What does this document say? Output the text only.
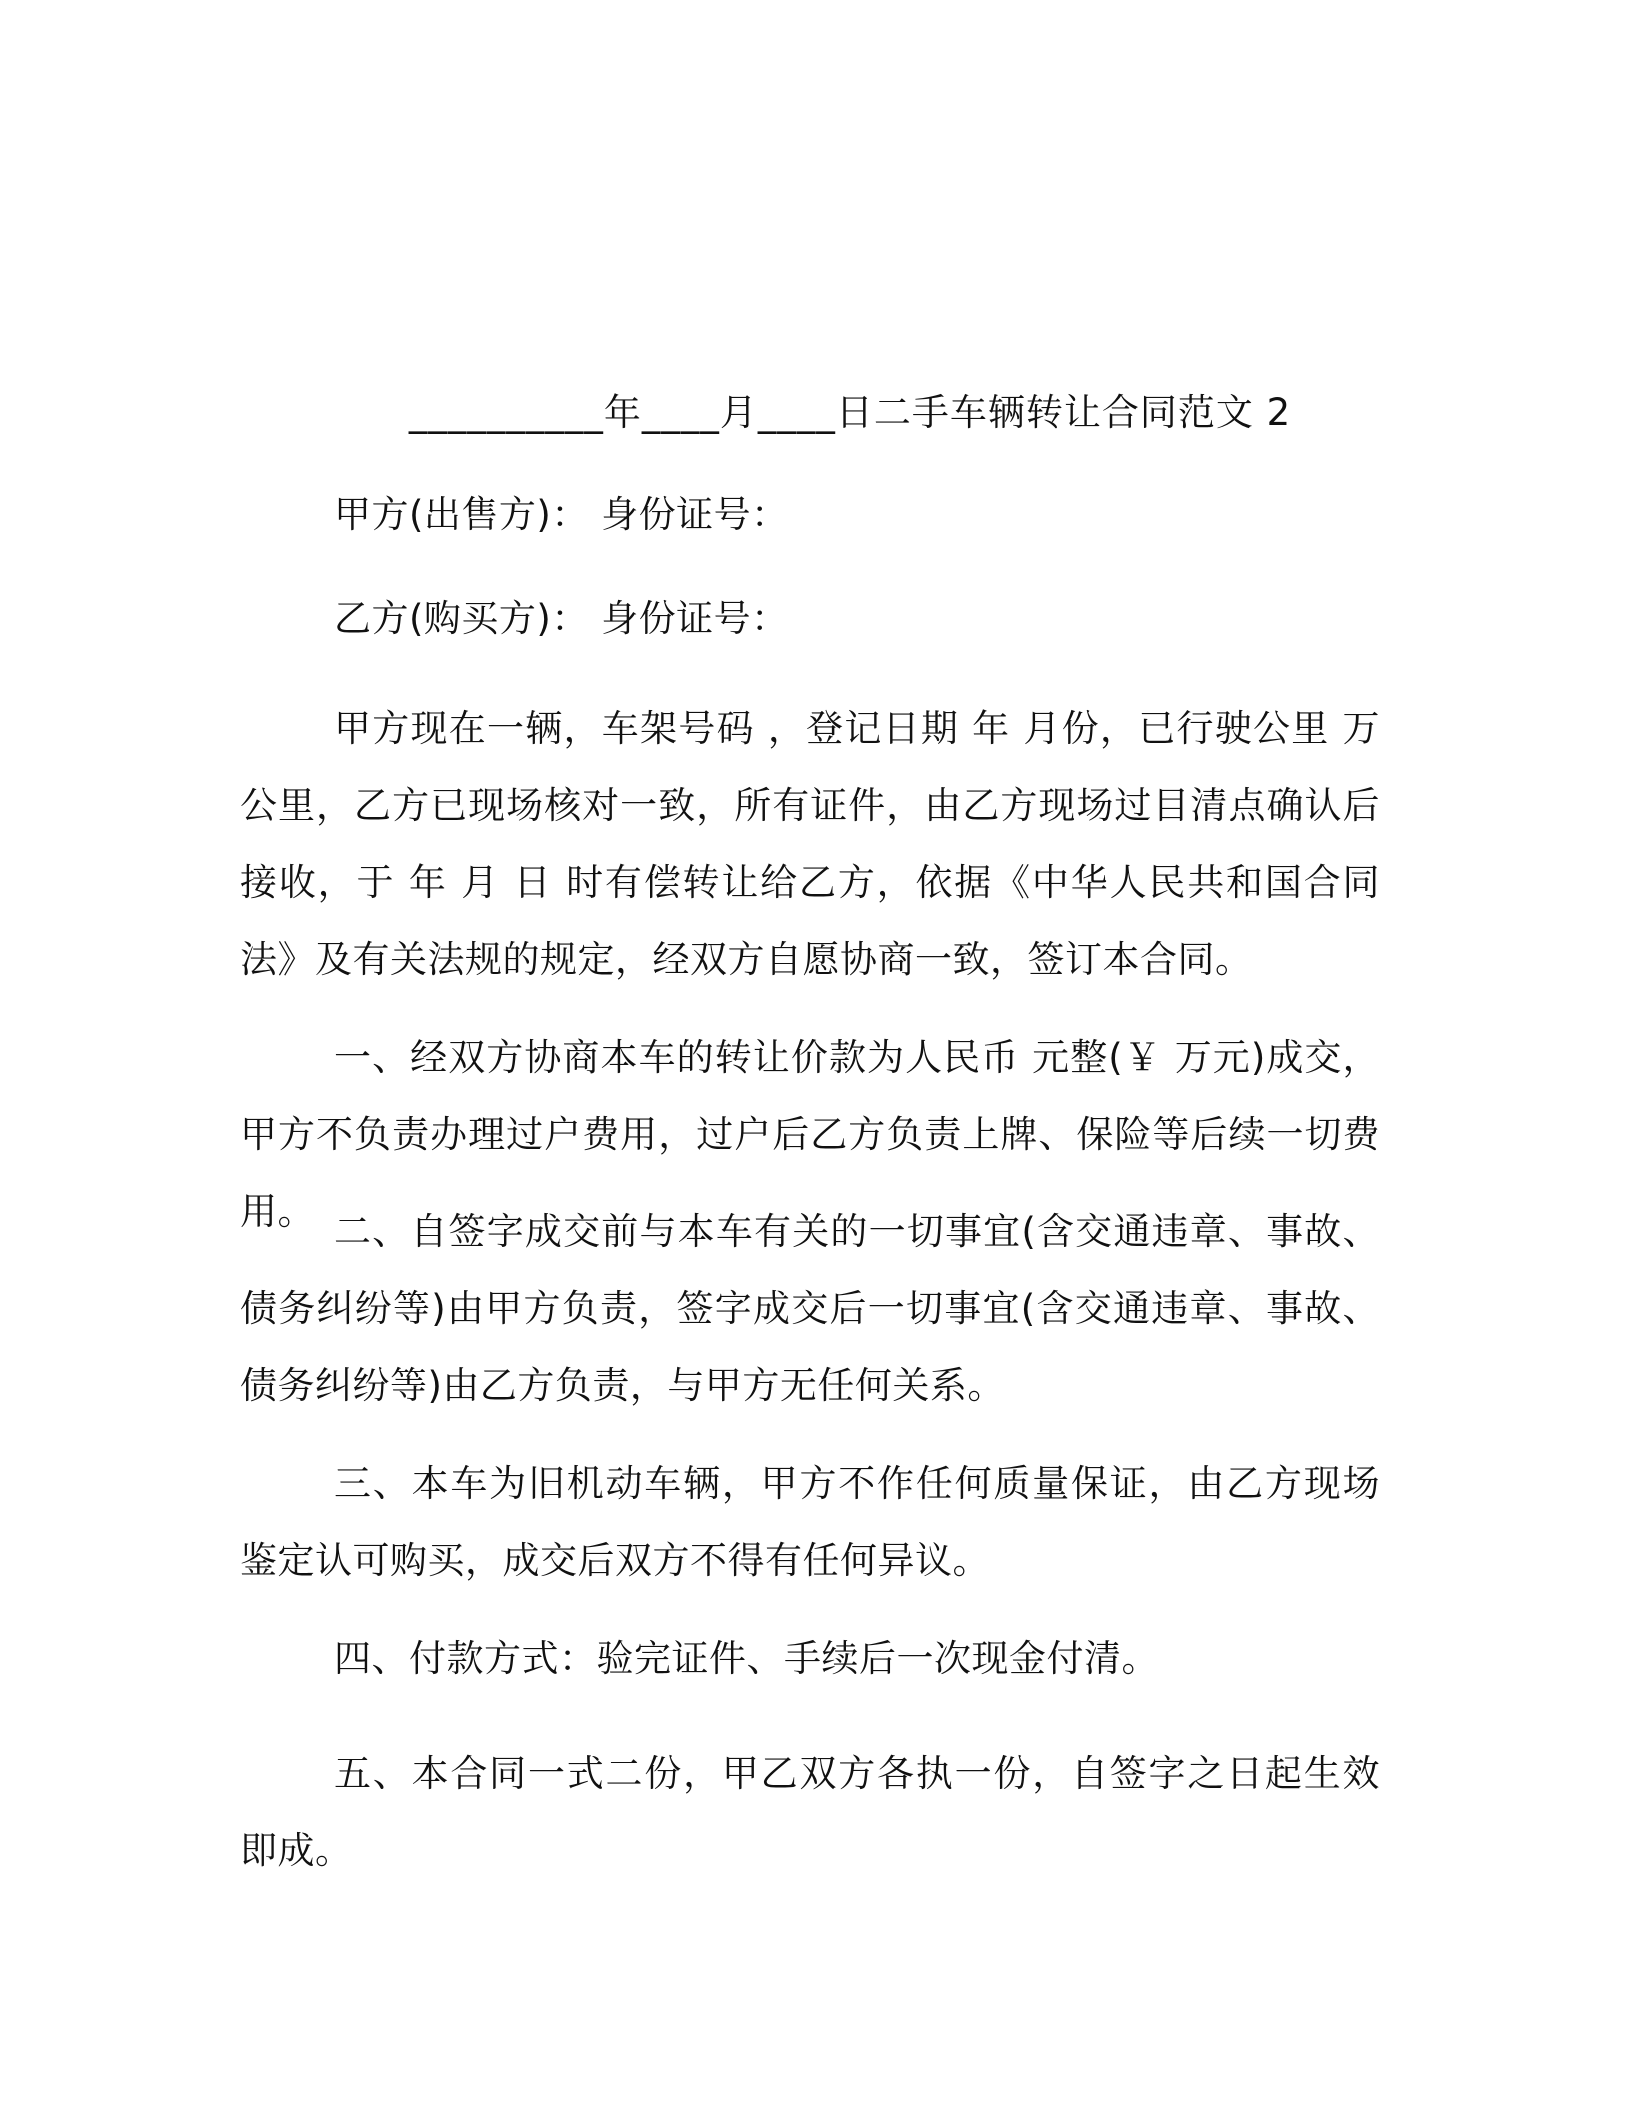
__________年____月____日二手车辆转让合同范文 2
甲方(出售方)： 身份证号：
乙方(购买方)： 身份证号：

甲方现在一辆，车架号码 ，登记日期 年 月份，已行驶公里 万公里，乙方已现场核对一致，所有证件，由乙方现场过目清点确认后接收，于 年 月 日 时有偿转让给乙方，依据《中华人民共和国合同法》及有关法规的规定，经双方自愿协商一致，签订本合同。

一、经双方协商本车的转让价款为人民币 元整(￥ 万元)成交，甲方不负责办理过户费用，过户后乙方负责上牌、保险等后续一切费用。 二、自签字成交前与本车有关的一切事宜(含交通违章、事故、债务纠纷等)由甲方负责，签字成交后一切事宜(含交通违章、事故、债务纠纷等)由乙方负责，与甲方无任何关系。

三、本车为旧机动车辆，甲方不作任何质量保证，由乙方现场鉴定认可购买，成交后双方不得有任何异议。

四、付款方式：验完证件、手续后一次现金付清。

五、本合同一式二份，甲乙双方各执一份，自签字之日起生效即成。
